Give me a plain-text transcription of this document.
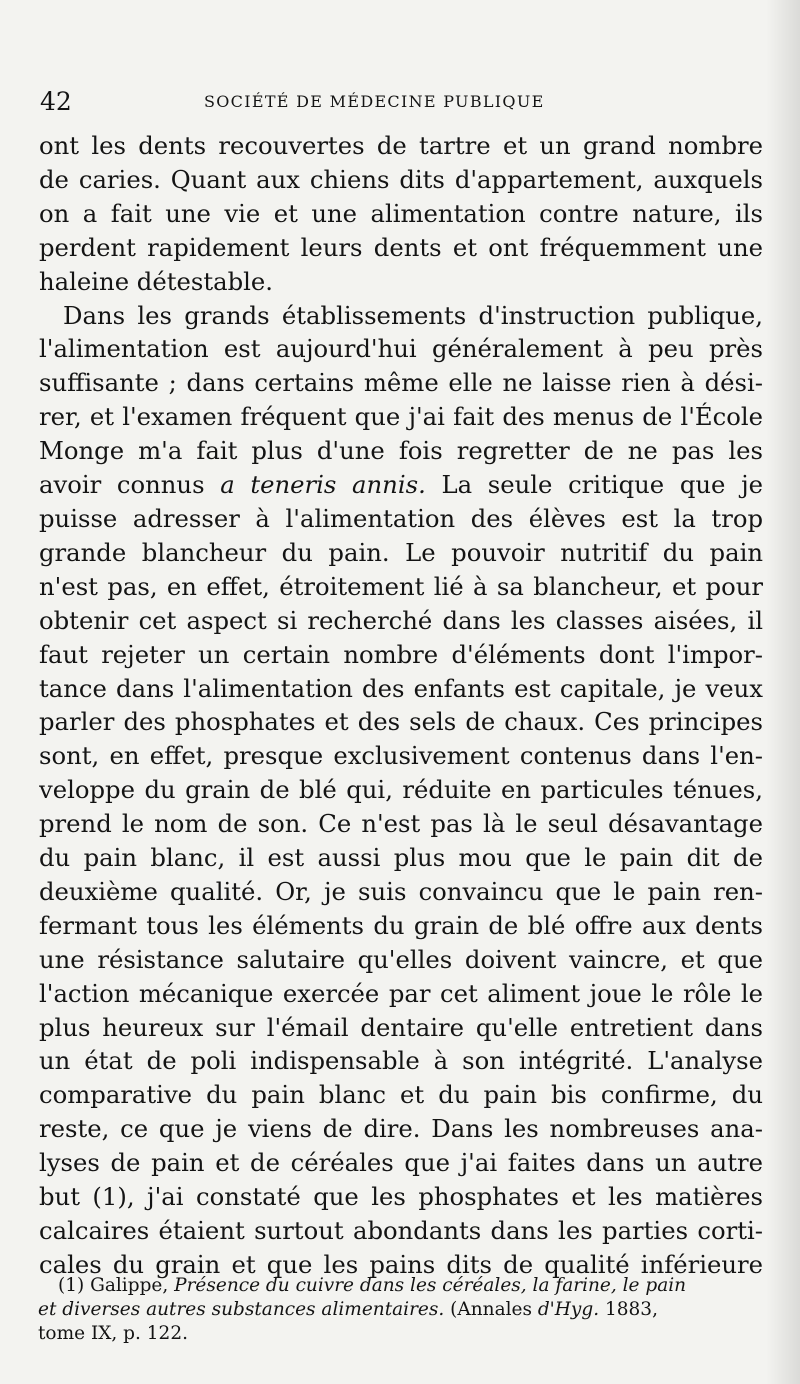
42	SOCIÉTÉ DE MÉDECINE PUBLIQUE
ont les dents recouvertes de tartre et un grand nombre
de caries. Quant aux chiens dits d'appartement, auxquels
on a fait une vie et une alimentation contre nature, ils
perdent rapidement leurs dents et ont fréquemment une
haleine détestable.
Dans les grands établissements d'instruction publique,
l'alimentation est aujourd'hui généralement à peu près
suffisante ; dans certains même elle ne laisse rien à dési-
rer, et l'examen fréquent que j'ai fait des menus de l'École
Monge m'a fait plus d'une fois regretter de ne pas les
avoir connus a teneris annis. La seule critique que je
puisse adresser à l'alimentation des élèves est la trop
grande blancheur du pain. Le pouvoir nutritif du pain
n'est pas, en effet, étroitement lié à sa blancheur, et pour
obtenir cet aspect si recherché dans les classes aisées, il
faut rejeter un certain nombre d'éléments dont l'impor-
tance dans l'alimentation des enfants est capitale, je veux
parler des phosphates et des sels de chaux. Ces principes
sont, en effet, presque exclusivement contenus dans l'en-
veloppe du grain de blé qui, réduite en particules ténues,
prend le nom de son. Ce n'est pas là le seul désavantage
du pain blanc, il est aussi plus mou que le pain dit de
deuxième qualité. Or, je suis convaincu que le pain ren-
fermant tous les éléments du grain de blé offre aux dents
une résistance salutaire qu'elles doivent vaincre, et que
l'action mécanique exercée par cet aliment joue le rôle le
plus heureux sur l'émail dentaire qu'elle entretient dans
un état de poli indispensable à son intégrité. L'analyse
comparative du pain blanc et du pain bis confirme, du
reste, ce que je viens de dire. Dans les nombreuses ana-
lyses de pain et de céréales que j'ai faites dans un autre
but (1), j'ai constaté que les phosphates et les matières
calcaires étaient surtout abondants dans les parties corti-
cales du grain et que les pains dits de qualité inférieure
(1) Galippe, Présence du cuivre dans les céréales, la farine, le pain
et diverses autres substances alimentaires. (Annales d'Hyg. 1883,
tome IX, p. 122.
